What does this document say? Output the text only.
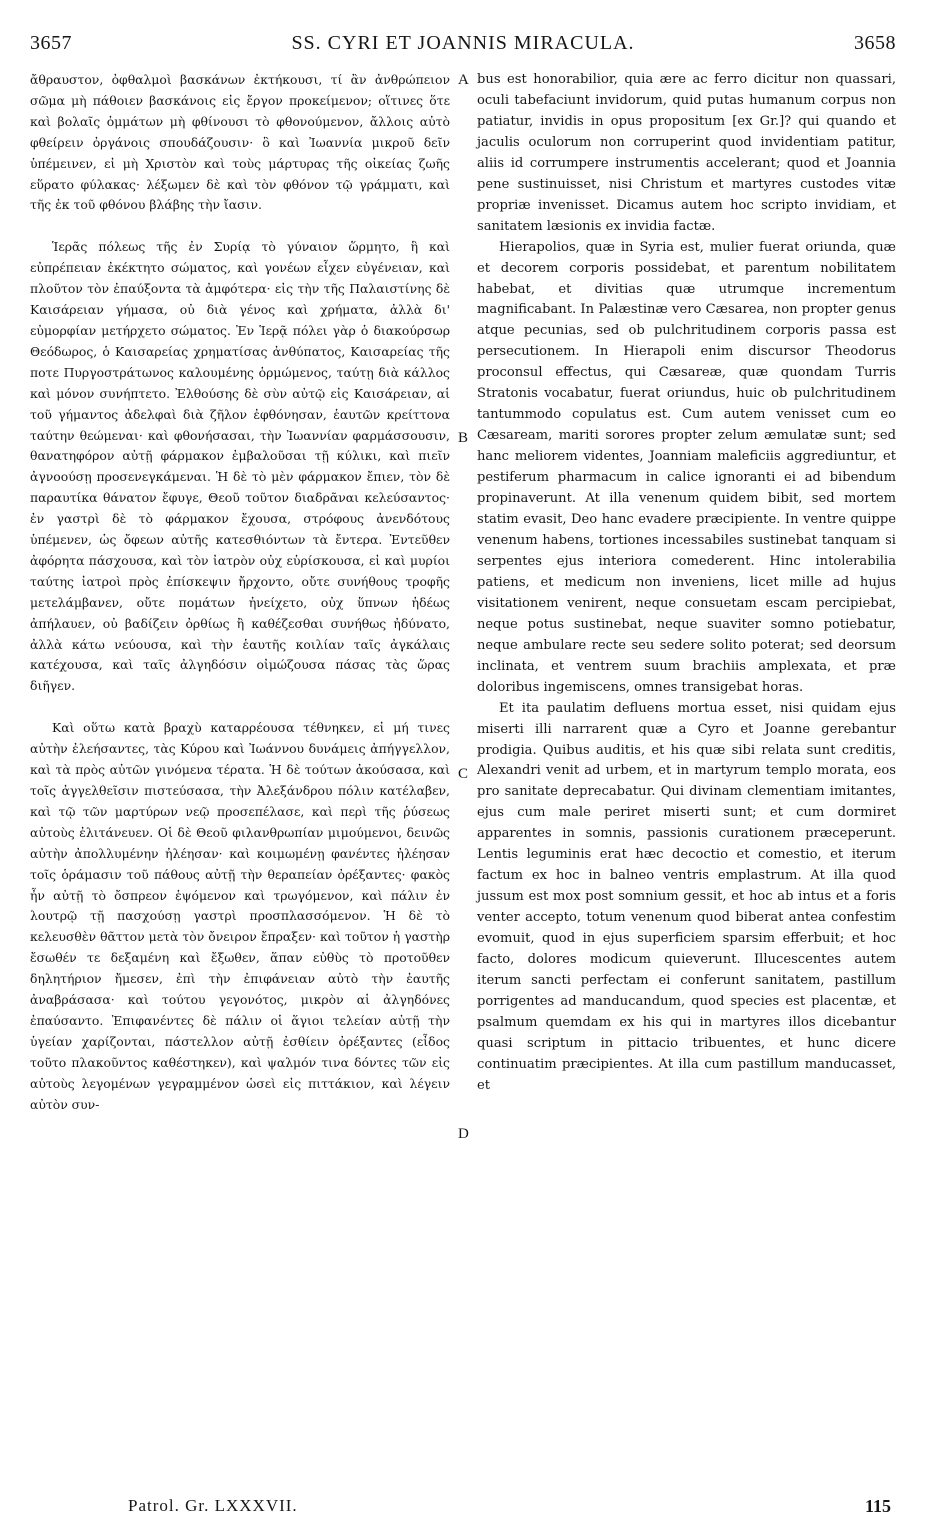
3657	SS. CYRI ET JOANNIS MIRACULA.	3658

ἄθραυστον, ὀφθαλμοὶ βασκάνων ἐκτήκουσι, τί ἂν ἀνθρώπειον σῶμα μὴ πάθοιεν βασκάνοις εἰς ἔργον προκείμενον; οἵτινες ὅτε καὶ βολαῖς ὀμμάτων μὴ φθίνουσι τὸ φθονούμενον, ἄλλοις αὐτὸ φθείρειν ὀργάνοις σπουδάζουσιν· ὃ καὶ Ἰωαννία μικροῦ δεῖν ὑπέμεινεν, εἰ μὴ Χριστὸν καὶ τοὺς μάρτυρας τῆς οἰκείας ζωῆς εὕρατο φύλακας· λέξωμεν δὲ καὶ τὸν φθόνον τῷ γράμματι, καὶ τῆς ἐκ τοῦ φθόνου βλάβης τὴν ἴασιν.

Ἱερᾶς πόλεως τῆς ἐν Συρίᾳ τὸ γύναιον ὥρμητο, ἣ καὶ εὐπρέπειαν ἐκέκτητο σώματος, καὶ γονέων εἶχεν εὐγένειαν, καὶ πλοῦτον τὸν ἐπαύξοντα τὰ ἀμφότερα· εἰς τὴν τῆς Παλαιστίνης δὲ Καισάρειαν γήμασα, οὐ διὰ γένος καὶ χρήματα, ἀλλὰ δι' εὐμορφίαν μετήρχετο σώματος. Ἐν Ἱερᾷ πόλει γὰρ ὁ διακούρσωρ Θεόδωρος, ὁ Καισαρείας χρηματίσας ἀνθύπατος, Καισαρείας τῆς ποτε Πυργοστράτωνος καλουμένης ὁρμώμενος, ταύτῃ διὰ κάλλος καὶ μόνον συνήπτετο. Ἐλθούσης δὲ σὺν αὐτῷ εἰς Καισάρειαν, αἱ τοῦ γήμαντος ἀδελφαὶ διὰ ζῆλον ἐφθόνησαν, ἑαυτῶν κρείττονα ταύτην θεώμεναι· καὶ φθονήσασαι, τὴν Ἰωαννίαν φαρμάσσουσιν, θανατηφόρον αὐτῇ φάρμακον ἐμβαλοῦσαι τῇ κύλικι, καὶ πιεῖν ἀγνοούσῃ προσενεγκάμεναι. Ἡ δὲ τὸ μὲν φάρμακον ἔπιεν, τὸν δὲ παραυτίκα θάνατον ἔφυγε, Θεοῦ τοῦτον διαδρᾶναι κελεύσαντος· ἐν γαστρὶ δὲ τὸ φάρμακον ἔχουσα, στρόφους ἀνενδότους ὑπέμενεν, ὡς ὄφεων αὐτῆς κατεσθιόντων τὰ ἔντερα. Ἐντεῦθεν ἀφόρητα πάσχουσα, καὶ τὸν ἰατρὸν οὐχ εὑρίσκουσα, εἰ καὶ μυρίοι ταύτης ἰατροὶ πρὸς ἐπίσκεψιν ἤρχοντο, οὔτε συνήθους τροφῆς μετελάμβανεν, οὔτε πομάτων ἠνείχετο, οὐχ ὕπνων ἡδέως ἀπήλαυεν, οὐ βαδίζειν ὀρθίως ἢ καθέζεσθαι συνήθως ἠδύνατο, ἀλλὰ κάτω νεύουσα, καὶ τὴν ἑαυτῆς κοιλίαν ταῖς ἀγκάλαις κατέχουσα, καὶ ταῖς ἀλγηδόσιν οἰμώζουσα πάσας τὰς ὥρας διῆγεν.

Καὶ οὕτω κατὰ βραχὺ καταρρέουσα τέθνηκεν, εἰ μή τινες αὐτὴν ἐλεήσαντες, τὰς Κύρου καὶ Ἰωάννου δυνάμεις ἀπήγγελλον, καὶ τὰ πρὸς αὐτῶν γινόμενα τέρατα. Ἡ δὲ τούτων ἀκούσασα, καὶ τοῖς ἀγγελθεῖσιν πιστεύσασα, τὴν Ἀλεξάνδρου πόλιν κατέλαβεν, καὶ τῷ τῶν μαρτύρων νεῷ προσεπέλασε, καὶ περὶ τῆς ῥύσεως αὐτοὺς ἐλιτάνευεν. Οἱ δὲ Θεοῦ φιλανθρωπίαν μιμούμενοι, δεινῶς αὐτὴν ἀπολλυμένην ἠλέησαν· καὶ κοιμωμένῃ φανέντες ἠλέησαν τοῖς ὁράμασιν τοῦ πάθους αὐτῇ τὴν θεραπείαν ὀρέξαντες· φακὸς ἦν αὐτῇ τὸ ὄσπρεον ἑψόμενον καὶ τρωγόμενον, καὶ πάλιν ἐν λουτρῷ τῇ πασχούσῃ γαστρὶ προσπλασσόμενον. Ἡ δὲ τὸ κελευσθὲν θᾶττον μετὰ τὸν ὄνειρον ἔπραξεν· καὶ τοῦτον ἡ γαστὴρ ἔσωθέν τε δεξαμένη καὶ ἔξωθεν, ἅπαν εὐθὺς τὸ προτοῦθεν δηλητήριον ἤμεσεν, ἐπὶ τὴν ἐπιφάνειαν αὐτὸ τὴν ἑαυτῆς ἀναβράσασα· καὶ τούτου γεγονότος, μικρὸν αἱ ἀλγηδόνες ἐπαύσαντο. Ἐπιφανέντες δὲ πάλιν οἱ ἅγιοι τελείαν αὐτῇ τὴν ὑγείαν χαρίζονται, πάστελλον αὐτῇ ἐσθίειν ὀρέξαντες (εἶδος τοῦτο πλακοῦντος καθέστηκεν), καὶ ψαλμόν τινα δόντες τῶν εἰς αὐτοὺς λεγομένων γεγραμμένον ὡσεὶ εἰς πιττάκιον, καὶ λέγειν αὐτὸν συν-

A
B
C
D

bus est honorabilior, quia ære ac ferro dicitur non quassari, oculi tabefaciunt invidorum, quid putas humanum corpus non patiatur, invidis in opus propositum [ex Gr.]? qui quando et jaculis oculorum non corruperint quod invidentiam patitur, aliis id corrumpere instrumentis accelerant; quod et Joannia pene sustinuisset, nisi Christum et martyres custodes vitæ propriæ invenisset. Dicamus autem hoc scripto invidiam, et sanitatem læsionis ex invidia factæ.

Hierapolios, quæ in Syria est, mulier fuerat oriunda, quæ et decorem corporis possidebat, et parentum nobilitatem habebat, et divitias quæ utrumque incrementum magnificabant. In Palæstinæ vero Cæsarea, non propter genus atque pecunias, sed ob pulchritudinem corporis passa est persecutionem. In Hierapoli enim discursor Theodorus proconsul effectus, qui Cæsareæ, quæ quondam Turris Stratonis vocabatur, fuerat oriundus, huic ob pulchritudinem tantummodo copulatus est. Cum autem venisset cum eo Cæsaream, mariti sorores propter zelum æmulatæ sunt; sed hanc meliorem videntes, Joanniam maleficiis aggrediuntur, et pestiferum pharmacum in calice ignoranti ei ad bibendum propinaverunt. At illa venenum quidem bibit, sed mortem statim evasit, Deo hanc evadere præcipiente. In ventre quippe venenum habens, tortiones incessabiles sustinebat tanquam si serpentes ejus interiora comederent. Hinc intolerabilia patiens, et medicum non inveniens, licet mille ad hujus visitationem venirent, neque consuetam escam percipiebat, neque potus sustinebat, neque suaviter somno potiebatur, neque ambulare recte seu sedere solito poterat; sed deorsum inclinata, et ventrem suum brachiis amplexata, et præ doloribus ingemiscens, omnes transigebat horas.

Et ita paulatim defluens mortua esset, nisi quidam ejus miserti illi narrarent quæ a Cyro et Joanne gerebantur prodigia. Quibus auditis, et his quæ sibi relata sunt creditis, Alexandri venit ad urbem, et in martyrum templo morata, eos pro sanitate deprecabatur. Qui divinam clementiam imitantes, ejus cum male periret miserti sunt; et cum dormiret apparentes in somnis, passionis curationem præceperunt. Lentis leguminis erat hæc decoctio et comestio, et iterum factum ex hoc in balneo ventris emplastrum. At illa quod jussum est mox post somnium gessit, et hoc ab intus et a foris venter accepto, totum venenum quod biberat antea confestim evomuit, quod in ejus superficiem sparsim efferbuit; et hoc facto, dolores modicum quieverunt. Illucescentes autem iterum sancti perfectam ei conferunt sanitatem, pastillum porrigentes ad manducandum, quod species est placentæ, et psalmum quemdam ex his qui in martyres illos dicebantur quasi scriptum in pittacio tribuentes, et hunc dicere continuatim præcipientes. At illa cum pastillum manducasset, et

Patrol. Gr. LXXXVII.	115
